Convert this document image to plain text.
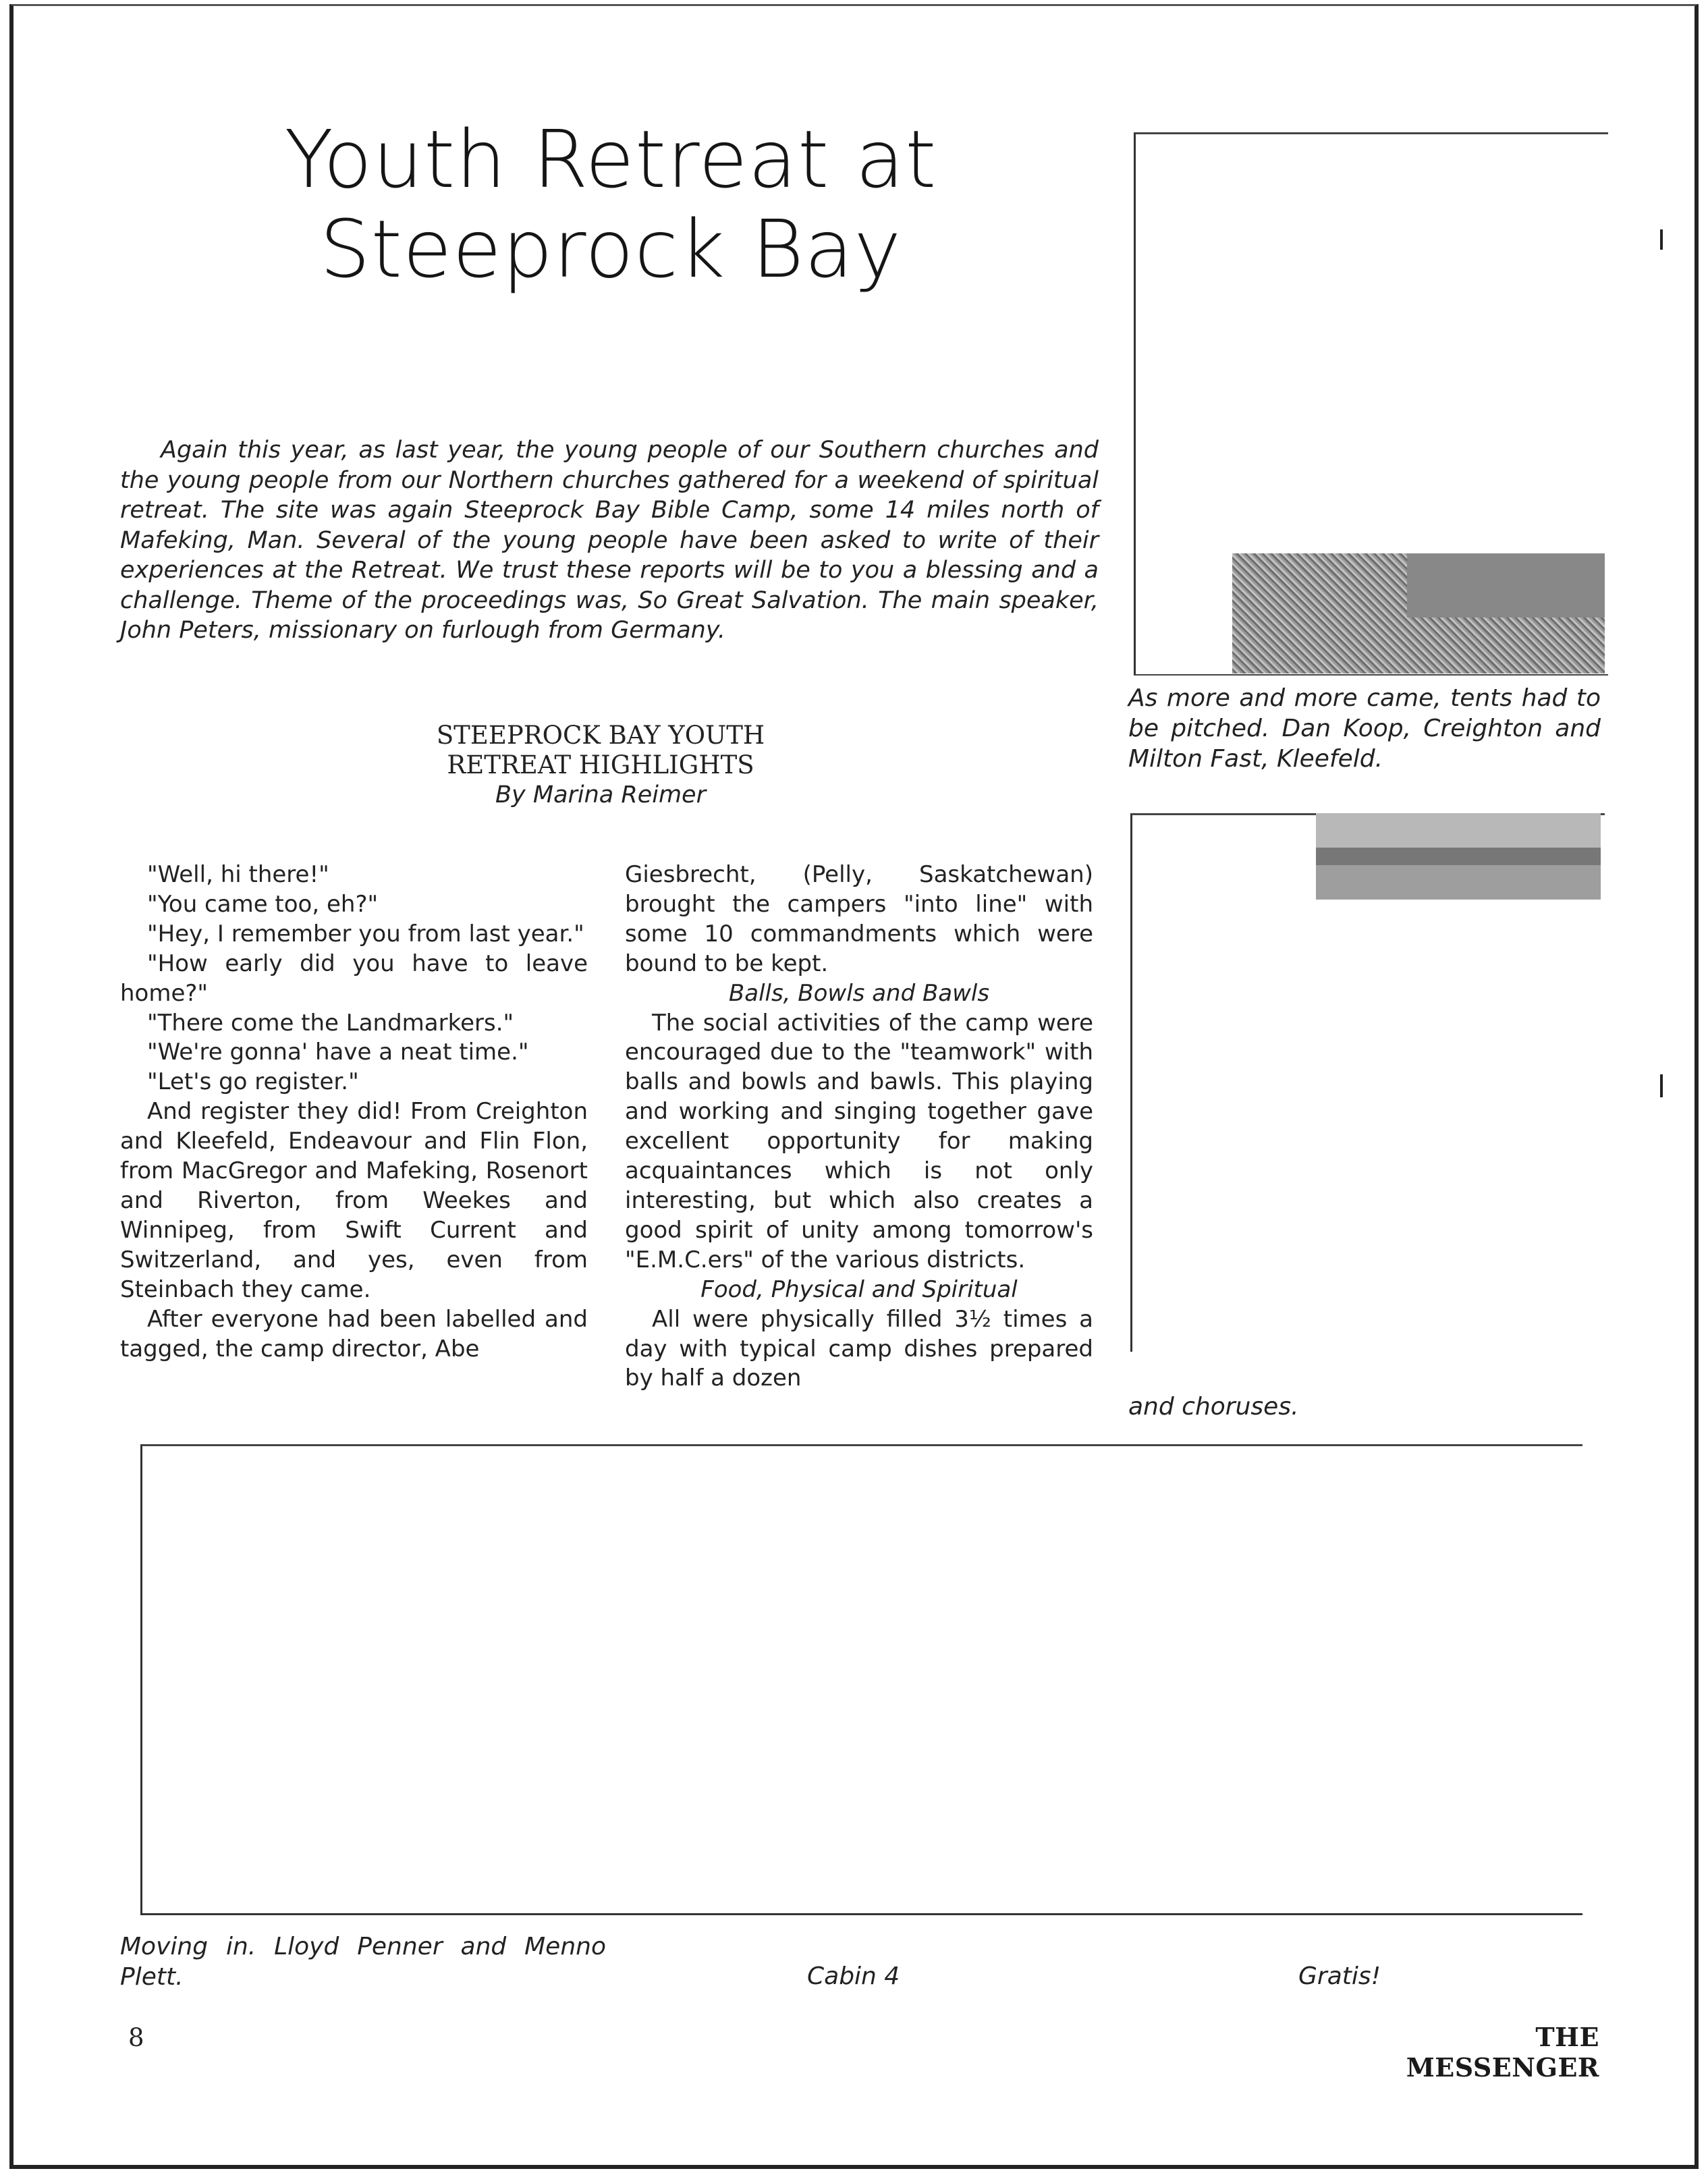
Youth Retreat at
Steeprock Bay

Again this year, as last year, the young people of our Southern churches and the young people from our Northern churches gathered for a weekend of spiritual retreat. The site was again Steeprock Bay Bible Camp, some 14 miles north of Mafeking, Man. Several of the young people have been asked to write of their experiences at the Retreat. We trust these reports will be to you a blessing and a challenge. Theme of the proceedings was, So Great Salvation. The main speaker, John Peters, missionary on furlough from Germany.

STEEPROCK BAY YOUTH
RETREAT HIGHLIGHTS
By Marina Reimer

"Well, hi there!"

"You came too, eh?"

"Hey, I remember you from last year."

"How early did you have to leave home?"

"There come the Landmarkers."

"We're gonna' have a neat time."

"Let's go register."

And register they did! From Creighton and Kleefeld, Endeavour and Flin Flon, from MacGregor and Mafeking, Rosenort and Riverton, from Weekes and Winnipeg, from Swift Current and Switzerland, and yes, even from Steinbach they came.

After everyone had been labelled and tagged, the camp director, Abe

Giesbrecht, (Pelly, Saskatchewan) brought the campers "into line" with some 10 commandments which were bound to be kept.

Balls, Bowls and Bawls

The social activities of the camp were encouraged due to the "teamwork" with balls and bowls and bawls. This playing and working and singing together gave excellent opportunity for making acquaintances which is not only interesting, but which also creates a good spirit of unity among tomorrow's "E.M.C.ers" of the various districts.

Food, Physical and Spiritual

All were physically filled 3½ times a day with typical camp dishes prepared by half a dozen

As more and more came, tents had to be pitched. Dan Koop, Creighton and Milton Fast, Kleefeld.

and choruses.

Moving in. Lloyd Penner and Menno Plett.	Cabin 4	Gratis!

8	THE MESSENGER
